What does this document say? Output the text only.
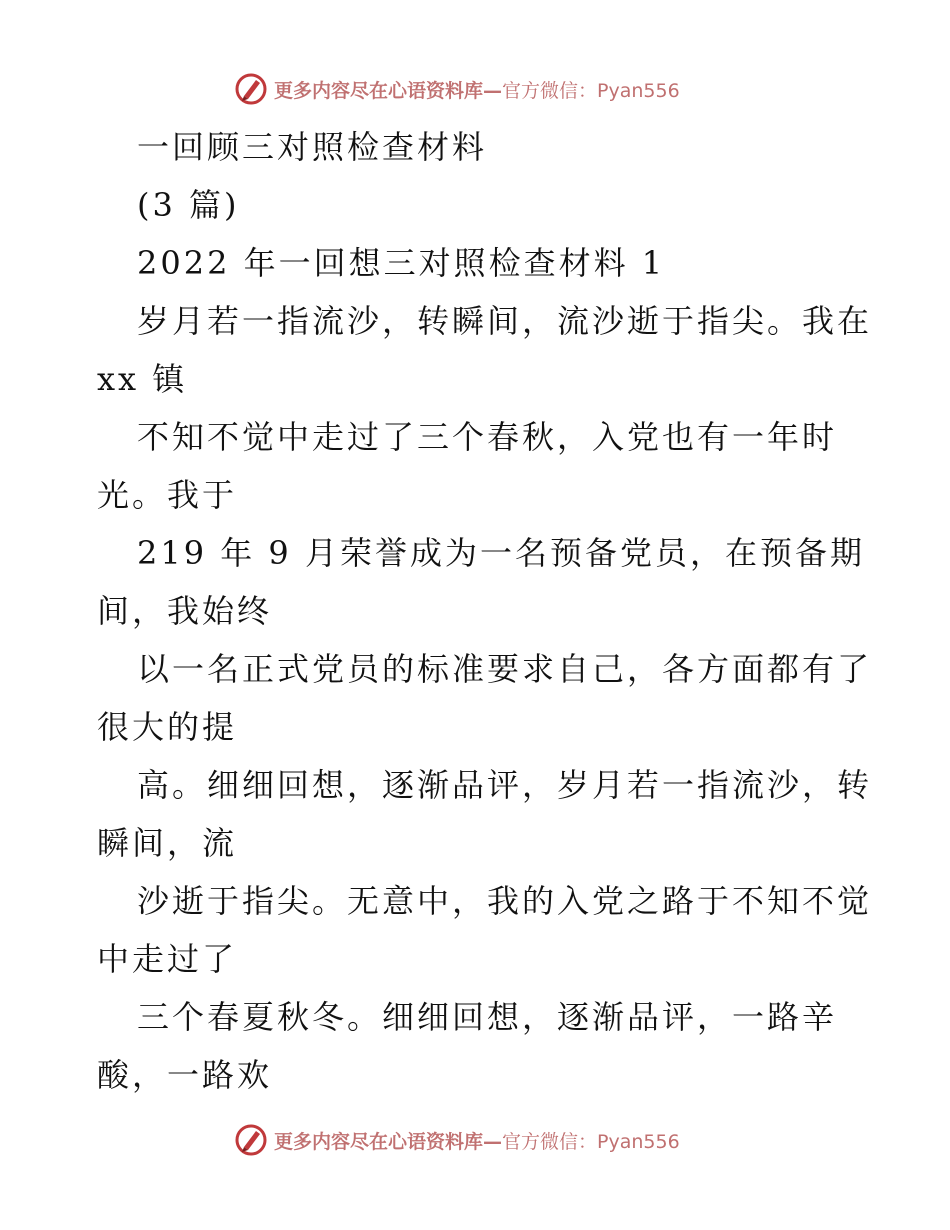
更多内容尽在心语资料库—官方微信：Pyan556
一回顾三对照检查材料
(3 篇)
2022 年一回想三对照检查材料 1
岁月若一指流沙，转瞬间，流沙逝于指尖。我在
xx 镇
不知不觉中走过了三个春秋，入党也有一年时
光。我于
219 年 9 月荣誉成为一名预备党员，在预备期
间，我始终
以一名正式党员的标准要求自己，各方面都有了
很大的提
高。细细回想，逐渐品评，岁月若一指流沙，转
瞬间，流
沙逝于指尖。无意中，我的入党之路于不知不觉
中走过了
三个春夏秋冬。细细回想，逐渐品评，一路辛
酸，一路欢
更多内容尽在心语资料库—官方微信：Pyan556
